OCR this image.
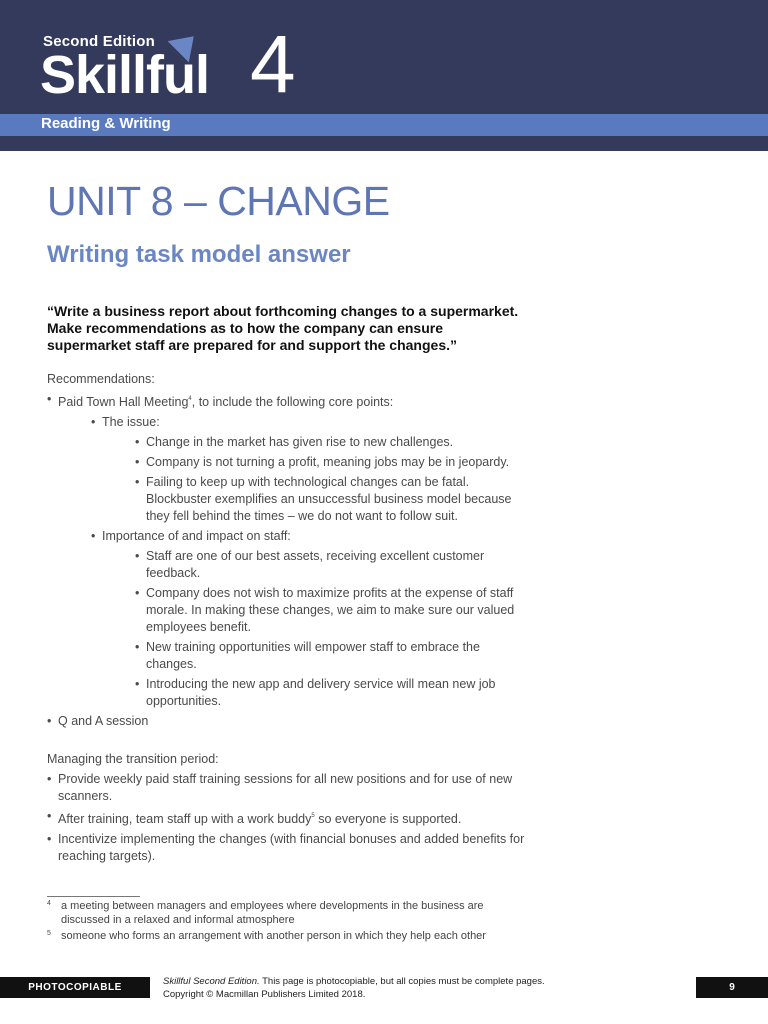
Second Edition
Skillful 4
Reading & Writing
UNIT 8 – CHANGE
Writing task model answer
“Write a business report about forthcoming changes to a supermarket. Make recommendations as to how the company can ensure supermarket staff are prepared for and support the changes.”

Recommendations:

• Paid Town Hall Meeting$^4$, to include the following core points:
• The issue:
• Change in the market has given rise to new challenges.
• Company is not turning a profit, meaning jobs may be in jeopardy.
• Failing to keep up with technological changes can be fatal. Blockbuster exemplifies an unsuccessful business model because they fell behind the times – we do not want to follow suit.
• Importance of and impact on staff:
• Staff are one of our best assets, receiving excellent customer feedback.
• Company does not wish to maximize profits at the expense of staff morale. In making these changes, we aim to make sure our valued employees benefit.
• New training opportunities will empower staff to embrace the changes.
• Introducing the new app and delivery service will mean new job opportunities.
• Q and A session

Managing the transition period:

• Provide weekly paid staff training sessions for all new positions and for use of new scanners.
• After training, team staff up with a work buddy$^5$ so everyone is supported.
• Incentivize implementing the changes (with financial bonuses and added benefits for reaching targets).
4 a meeting between managers and employees where developments in the business are discussed in a relaxed and informal atmosphere
5 someone who forms an arrangement with another person in which they help each other
PHOTOCOPIABLE
Skillful Second Edition. This page is photocopiable, but all copies must be complete pages.
Copyright © Macmillan Publishers Limited 2018.
9
